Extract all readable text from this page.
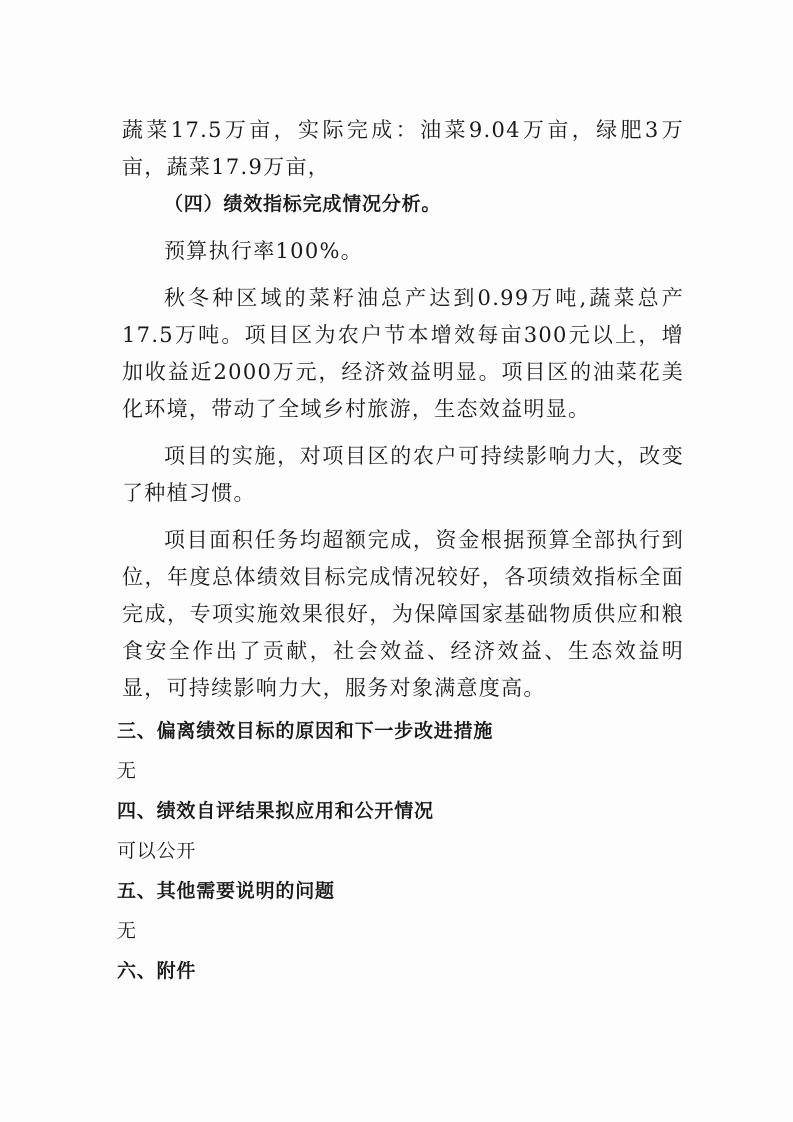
蔬菜17.5万亩，实际完成：油菜9.04万亩，绿肥3万亩，蔬菜17.9万亩，

（四）绩效指标完成情况分析。

预算执行率100%。

秋冬种区域的菜籽油总产达到0.99万吨,蔬菜总产17.5万吨。项目区为农户节本增效每亩300元以上，增加收益近2000万元，经济效益明显。项目区的油菜花美化环境，带动了全域乡村旅游，生态效益明显。

项目的实施，对项目区的农户可持续影响力大，改变了种植习惯。

项目面积任务均超额完成，资金根据预算全部执行到位，年度总体绩效目标完成情况较好，各项绩效指标全面完成，专项实施效果很好，为保障国家基础物质供应和粮食安全作出了贡献，社会效益、经济效益、生态效益明显，可持续影响力大，服务对象满意度高。

三、偏离绩效目标的原因和下一步改进措施

无

四、绩效自评结果拟应用和公开情况

可以公开

五、其他需要说明的问题

无

六、附件
